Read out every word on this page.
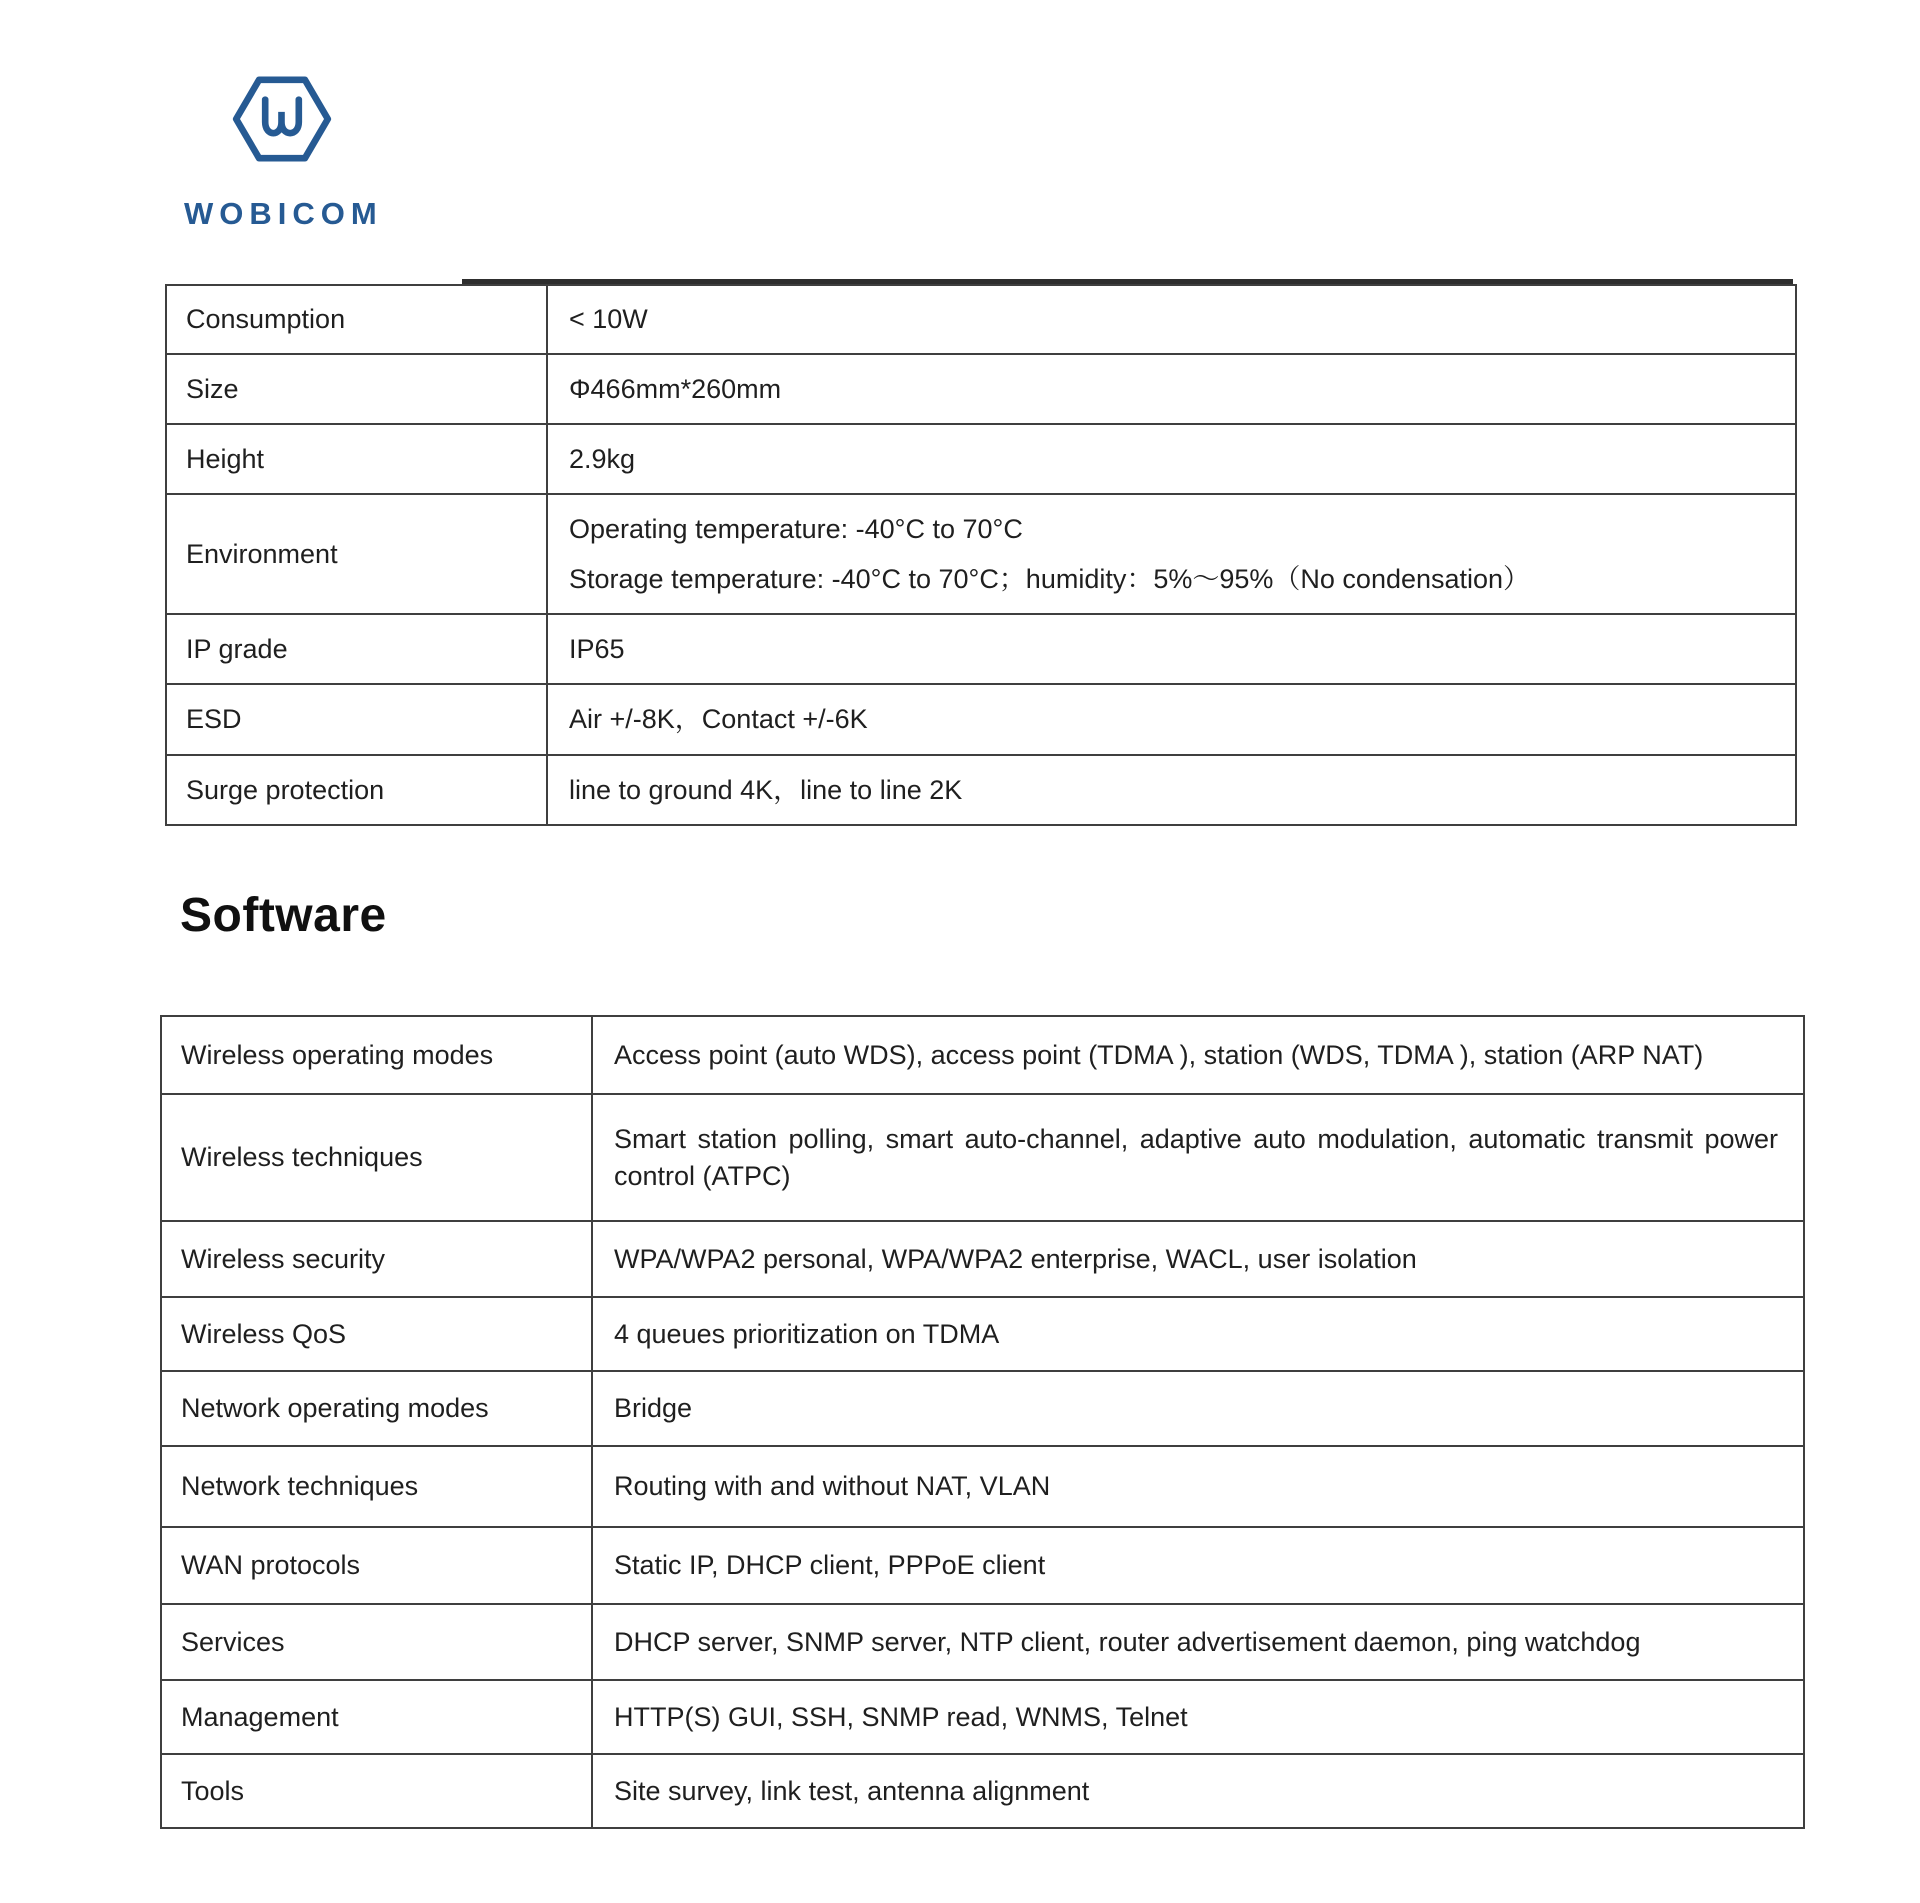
WOBICOM
Consumption	< 10W
Size	Φ466mm*260mm
Height	2.9kg
Environment	Operating temperature: -40°C to 70°C
Storage temperature: -40°C to 70°C；humidity：5%～95%（No condensation）

IP grade	IP65
ESD	Air +/-8K，Contact +/-6K
Surge protection	line to ground 4K，line to line 2K
Software
Wireless operating modes	Access point (auto WDS), access point (TDMA ), station (WDS, TDMA ), station (ARP NAT)
Wireless techniques	Smart station polling, smart auto-channel, adaptive auto modulation, automatic transmit power control (ATPC)
Wireless security	WPA/WPA2 personal, WPA/WPA2 enterprise, WACL, user isolation
Wireless QoS	4 queues prioritization on TDMA
Network operating modes	Bridge
Network techniques	Routing with and without NAT, VLAN
WAN protocols	Static IP, DHCP client, PPPoE client
Services	DHCP server, SNMP server, NTP client, router advertisement daemon, ping watchdog
Management	HTTP(S) GUI, SSH, SNMP read, WNMS, Telnet
Tools	Site survey, link test, antenna alignment
